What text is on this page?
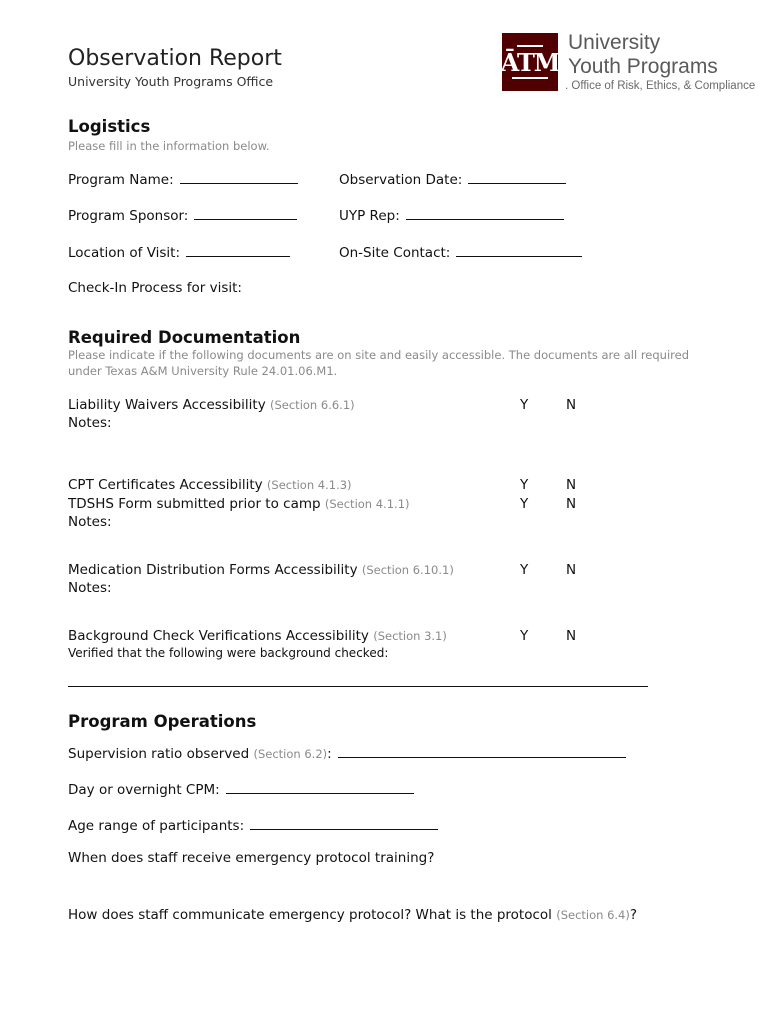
Observation Report
University Youth Programs Office
ĀTM
University
Youth Programs
. Office of Risk, Ethics, & Compliance
Logistics
Please fill in the information below.
Program Name:	Observation Date:
Program Sponsor:	UYP Rep:
Location of Visit:	On-Site Contact:
Check-In Process for visit:
Required Documentation
Please indicate if the following documents are on site and easily accessible. The documents are all required under Texas A&M University Rule 24.01.06.M1.
Liability Waivers Accessibility (Section 6.6.1)	Y	N
Notes:
CPT Certificates Accessibility (Section 4.1.3)	Y	N
TDSHS Form submitted prior to camp (Section 4.1.1)	Y	N
Notes:
Medication Distribution Forms Accessibility (Section 6.10.1)	Y	N
Notes:
Background Check Verifications Accessibility (Section 3.1)	Y	N
Verified that the following were background checked:
Program Operations
Supervision ratio observed (Section 6.2):
Day or overnight CPM:
Age range of participants:
When does staff receive emergency protocol training?
How does staff communicate emergency protocol? What is the protocol (Section 6.4)?
